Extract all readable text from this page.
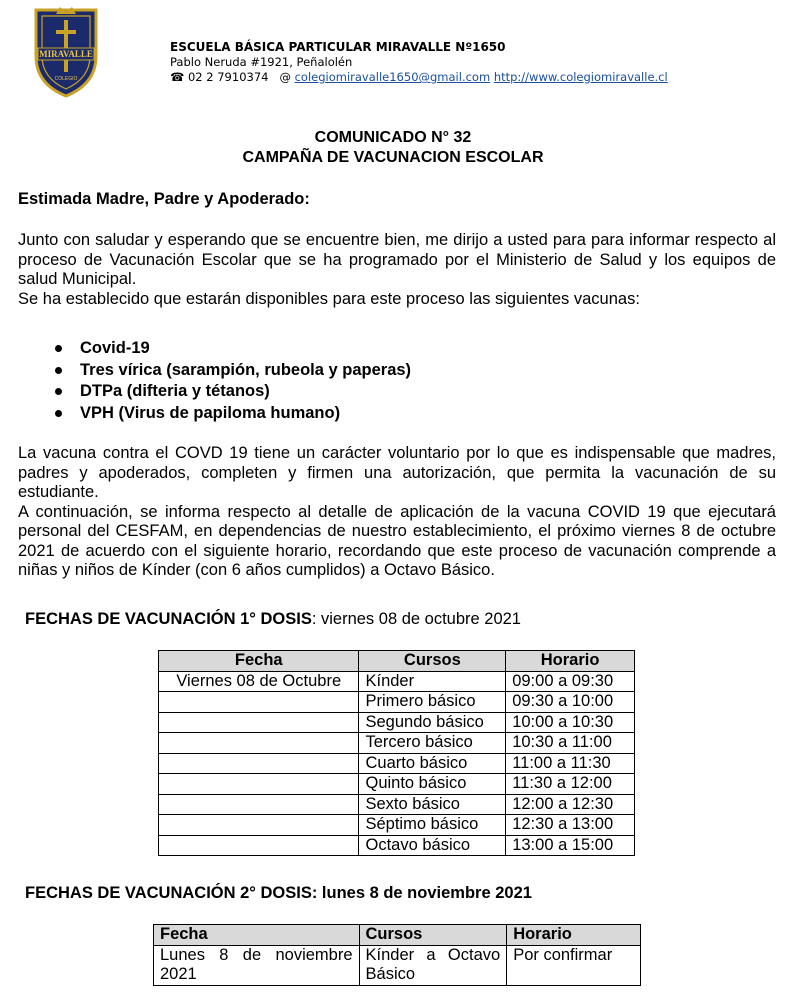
MIRAVALLE
COLEGIO
ESCUELA BÁSICA PARTICULAR MIRAVALLE Nº1650
Pablo Neruda #1921, Peñalolén
☎ 02 2 7910374 @ colegiomiravalle1650@gmail.com http://www.colegiomiravalle.cl
COMUNICADO N° 32
CAMPAÑA DE VACUNACION ESCOLAR
Estimada Madre, Padre y Apoderado:

Junto con saludar y esperando que se encuentre bien, me dirijo a usted para para informar respecto al proceso de Vacunación Escolar que se ha programado por el Ministerio de Salud y los equipos de salud Municipal.

Se ha establecido que estarán disponibles para este proceso las siguientes vacunas:

Covid-19
Tres vírica (sarampión, rubeola y paperas)
DTPa (difteria y tétanos)
VPH (Virus de papiloma humano)

La vacuna contra el COVD 19 tiene un carácter voluntario por lo que es indispensable que madres, padres y apoderados, completen y firmen una autorización, que permita la vacunación de su estudiante.

A continuación, se informa respecto al detalle de aplicación de la vacuna COVID 19 que ejecutará personal del CESFAM, en dependencias de nuestro establecimiento, el próximo viernes 8 de octubre 2021 de acuerdo con el siguiente horario, recordando que este proceso de vacunación comprende a niñas y niños de Kínder (con 6 años cumplidos) a Octavo Básico.

FECHAS DE VACUNACIÓN 1° DOSIS: viernes 08 de octubre 2021
Fecha	Cursos	Horario
Viernes 08 de Octubre	Kínder	09:00 a 09:30
	Primero básico	09:30 a 10:00
	Segundo básico	10:00 a 10:30
	Tercero básico	10:30 a 11:00
	Cuarto básico	11:00 a 11:30
	Quinto básico	11:30 a 12:00
	Sexto básico	12:00 a 12:30
	Séptimo básico	12:30 a 13:00
	Octavo básico	13:00 a 15:00
FECHAS DE VACUNACIÓN 2° DOSIS: lunes 8 de noviembre 2021
Fecha	Cursos	Horario
Lunes 8 de noviembre 2021	Kínder a Octavo Básico	Por confirmar
